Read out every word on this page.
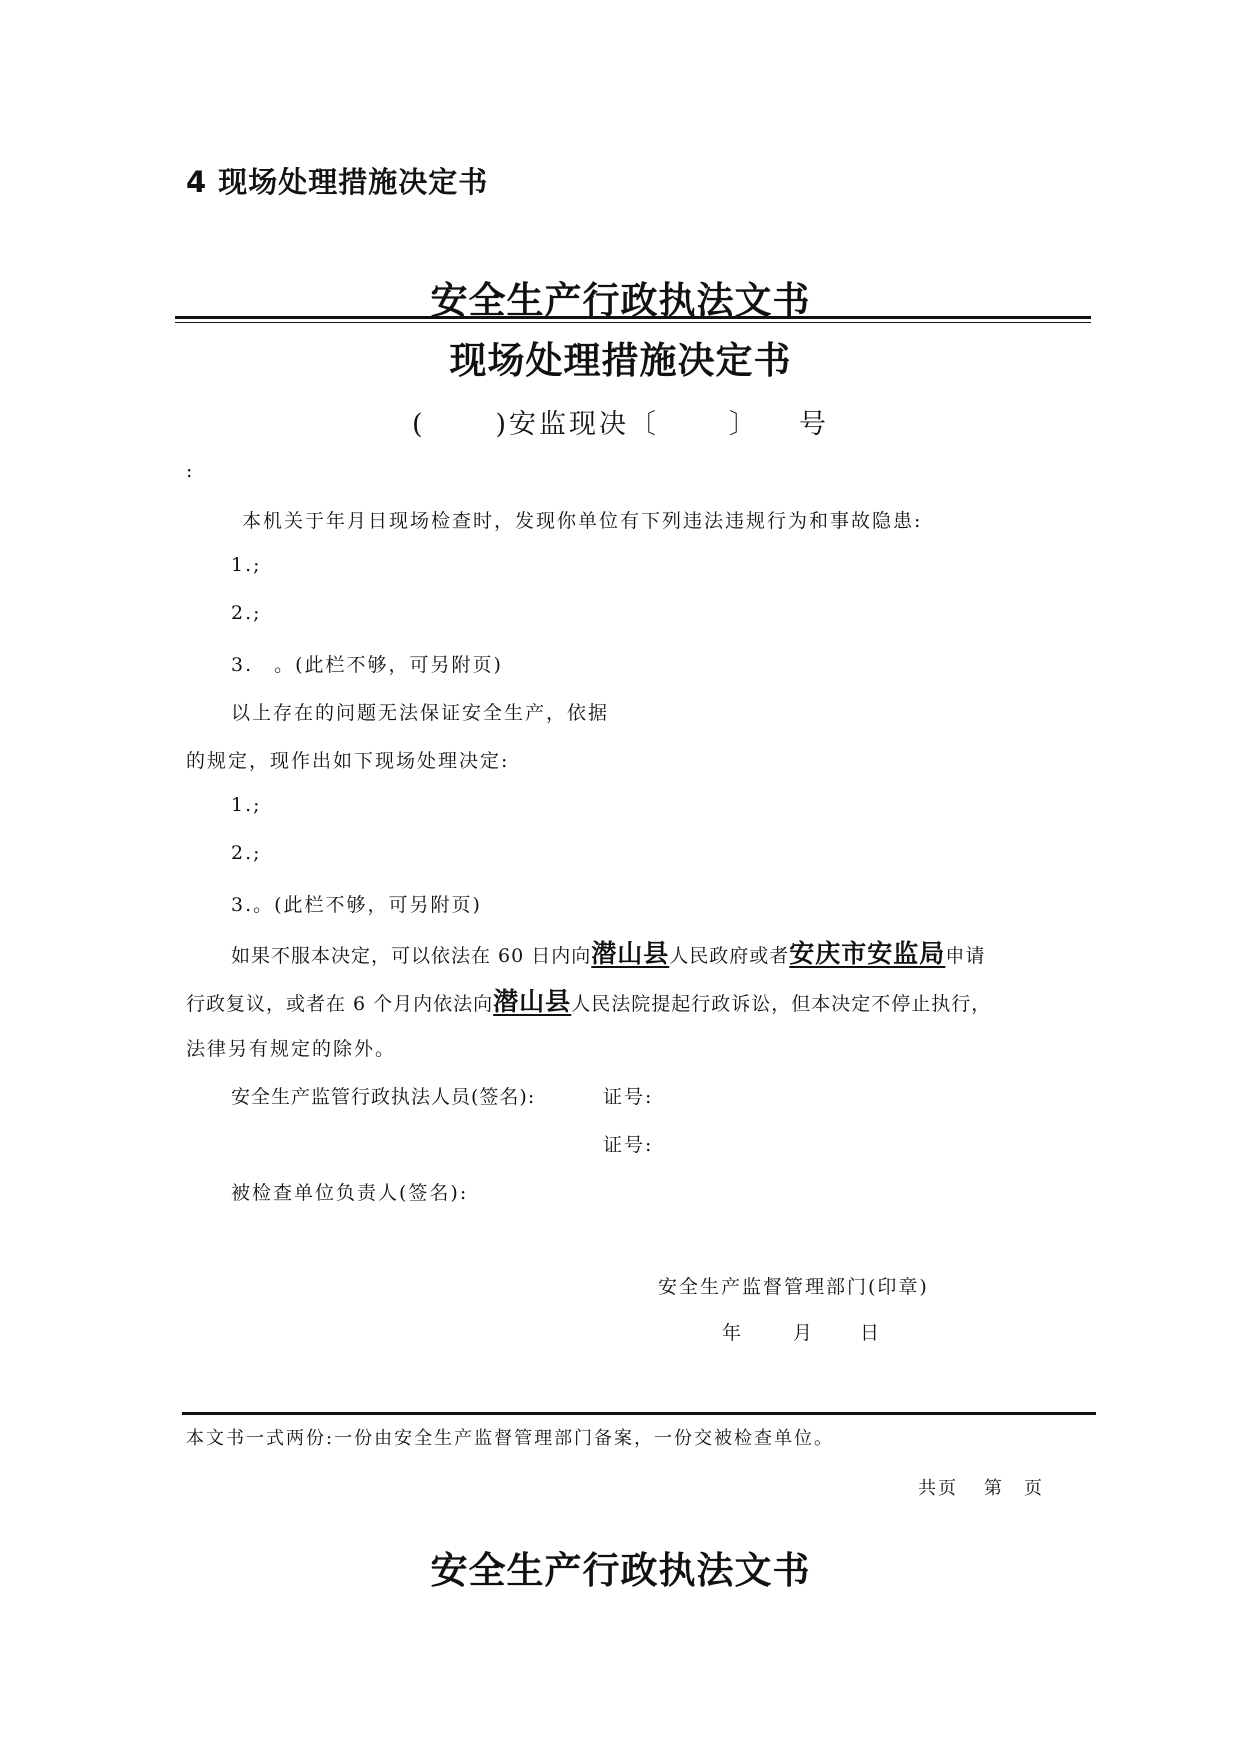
4 现场处理措施决定书
安全生产行政执法文书
现场处理措施决定书
(	)安监现决〔	〕 号
:
本机关于年月日现场检查时，发现你单位有下列违法违规行为和事故隐患:
1.;
2.;
3.　。(此栏不够，可另附页)
以上存在的问题无法保证安全生产，依据
的规定，现作出如下现场处理决定:
1.;
2.;
3.。(此栏不够，可另附页)
如果不服本决定，可以依法在 60 日内向潜山县人民政府或者安庆市安监局申请
行政复议，或者在 6 个月内依法向潜山县人民法院提起行政诉讼，但本决定不停止执行，
法律另有规定的除外。
安全生产监管行政执法人员(签名):	证号:
证号:
被检查单位负责人(签名):
安全生产监督管理部门(印章)
年	月 日
本文书一式两份:一份由安全生产监督管理部门备案，一份交被检查单位。
共页 第　页
安全生产行政执法文书
